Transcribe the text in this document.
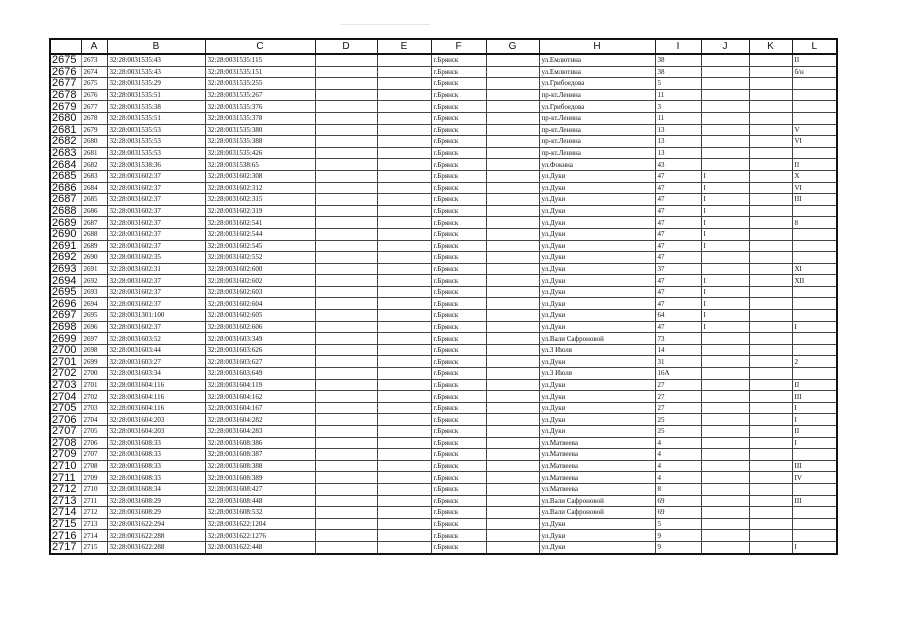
	A	B	C	D	E	F	G	H	I	J	K	L
2675	2673	32:28:0031535:43	32:28:0031535:115			г.Брянск		ул.Емлютина	38			II
2676	2674	32:28:0031535:43	32:28:0031535:151			г.Брянск		ул.Емлютина	38			б/н
2677	2675	32:28:0031535:29	32:28:0031535:255			г.Брянск		ул.Грибоедова	5			
2678	2676	32:28:0031535:51	32:28:0031535:267			г.Брянск		пр-кт.Ленина	11			
2679	2677	32:28:0031535:38	32:28:0031535:376			г.Брянск		ул.Грибоедова	3			
2680	2678	32:28:0031535:51	32:28:0031535:378			г.Брянск		пр-кт.Ленина	11			
2681	2679	32:28:0031535:53	32:28:0031535:380			г.Брянск		пр-кт.Ленина	13			V
2682	2680	32:28:0031535:53	32:28:0031535:388			г.Брянск		пр-кт.Ленина	13			VI
2683	2681	32:28:0031535:53	32:28:0031535:426			г.Брянск		пр-кт.Ленина	13			
2684	2682	32:28:0031538:36	32:28:0031538:65			г.Брянск		ул.Фокина	43			II
2685	2683	32:28:0031602:37	32:28:0031602:308			г.Брянск		ул.Дуки	47	I		X
2686	2684	32:28:0031602:37	32:28:0031602:312			г.Брянск		ул.Дуки	47	I		VI
2687	2685	32:28:0031602:37	32:28:0031602:315			г.Брянск		ул.Дуки	47	I		III
2688	2686	32:28:0031602:37	32:28:0031602:319			г.Брянск		ул.Дуки	47	I		
2689	2687	32:28:0031602:37	32:28:0031602:541			г.Брянск		ул.Дуки	47	I		8
2690	2688	32:28:0031602:37	32:28:0031602:544			г.Брянск		ул.Дуки	47	I		
2691	2689	32:28:0031602:37	32:28:0031602:545			г.Брянск		ул.Дуки	47	I		
2692	2690	32:28:0031602:35	32:28:0031602:552			г.Брянск		ул.Дуки	47			
2693	2691	32:28:0031602:31	32:28:0031602:600			г.Брянск		ул.Дуки	37			XI
2694	2692	32:28:0031602:37	32:28:0031602:602			г.Брянск		ул.Дуки	47	I		XII
2695	2693	32:28:0031602:37	32:28:0031602:603			г.Брянск		ул.Дуки	47	I		
2696	2694	32:28:0031602:37	32:28:0031602:604			г.Брянск		ул.Дуки	47	I		
2697	2695	32:28:0031301:100	32:28:0031602:605			г.Брянск		ул.Дуки	64	I		
2698	2696	32:28:0031602:37	32:28:0031602:606			г.Брянск		ул.Дуки	47	I		I
2699	2697	32:28:0031603:52	32:28:0031603:349			г.Брянск		ул.Вали Сафроновой	73			
2700	2698	32:28:0031603:44	32:28:0031603:626			г.Брянск		ул.3 Июля	14			
2701	2699	32:28:0031603:27	32:28:0031603:627			г.Брянск		ул.Дуки	31			2
2702	2700	32:28:0031603:34	32:28:0031603:649			г.Брянск		ул.3 Июля	16А			
2703	2701	32:28:0031604:116	32:28:0031604:119			г.Брянск		ул.Дуки	27			II
2704	2702	32:28:0031604:116	32:28:0031604:162			г.Брянск		ул.Дуки	27			III
2705	2703	32:28:0031604:116	32:28:0031604:167			г.Брянск		ул.Дуки	27			I
2706	2704	32:28:0031604:203	32:28:0031604:282			г.Брянск		ул.Дуки	25			I
2707	2705	32:28:0031604:203	32:28:0031604:283			г.Брянск		ул.Дуки	25			II
2708	2706	32:28:0031608:33	32:28:0031608:386			г.Брянск		ул.Матвеева	4			I
2709	2707	32:28:0031608:33	32:28:0031608:387			г.Брянск		ул.Матвеева	4			
2710	2708	32:28:0031608:33	32:28:0031608:388			г.Брянск		ул.Матвеева	4			III
2711	2709	32:28:0031608:33	32:28:0031608:389			г.Брянск		ул.Матвеева	4			IV
2712	2710	32:28:0031608:34	32:28:0031608:427			г.Брянск		ул.Матвеева	8			
2713	2711	32:28:0031608:29	32:28:0031608:448			г.Брянск		ул.Вали Сафроновой	69			III
2714	2712	32:28:0031608:29	32:28:0031608:532			г.Брянск		ул.Вали Сафроновой	69			
2715	2713	32:28:0031622:294	32:28:0031622:1204			г.Брянск		ул.Дуки	5			
2716	2714	32:28:0031622:288	32:28:0031622:1276			г.Брянск		ул.Дуки	9			
2717	2715	32:28:0031622:288	32:28:0031622:448			г.Брянск		ул.Дуки	9			I
